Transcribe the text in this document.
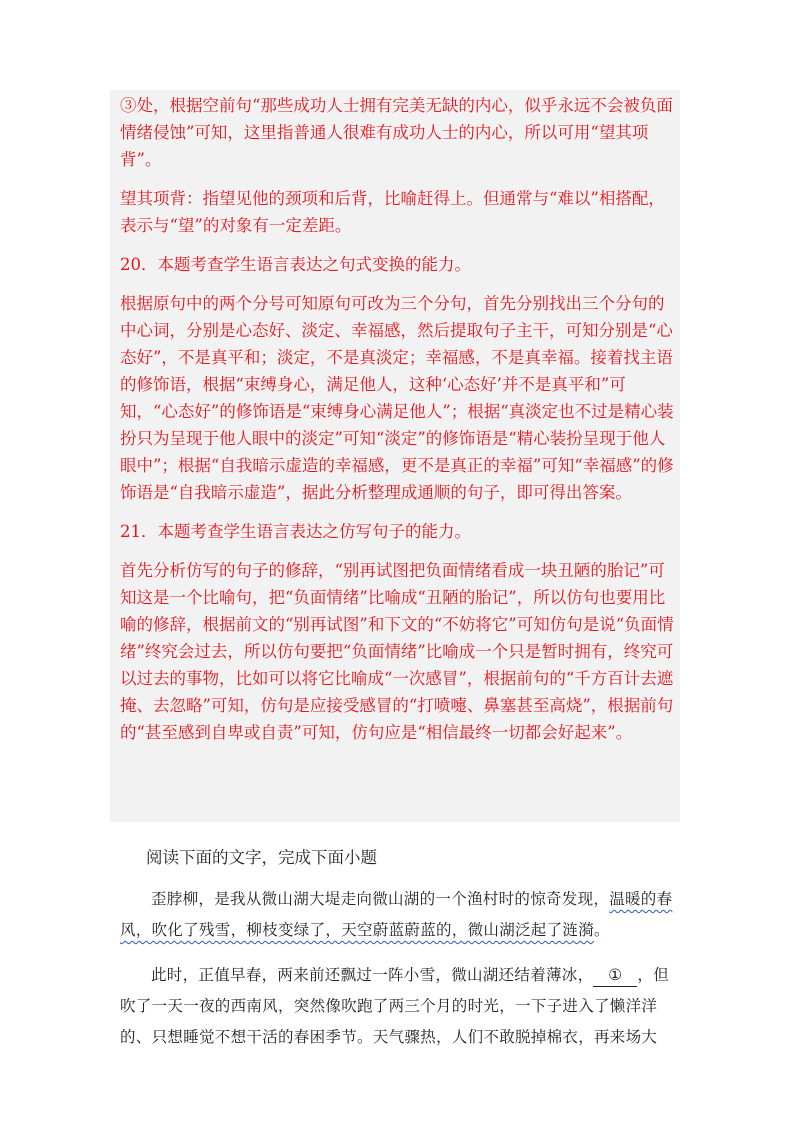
③处，根据空前句“那些成功人士拥有完美无缺的内心，似乎永远不会被负面情绪侵蚀”可知，这里指普通人很难有成功人士的内心，所以可用“望其项背”。

望其项背：指望见他的颈项和后背，比喻赶得上。但通常与“难以”相搭配，表示与“望”的对象有一定差距。

20．本题考查学生语言表达之句式变换的能力。

根据原句中的两个分号可知原句可改为三个分句，首先分别找出三个分句的中心词，分别是心态好、淡定、幸福感，然后提取句子主干，可知分别是“心态好”，不是真平和；淡定，不是真淡定；幸福感，不是真幸福。接着找主语的修饰语，根据“束缚身心，满足他人，这种‘心态好’并不是真平和”可知，“心态好”的修饰语是“束缚身心满足他人”；根据“真淡定也不过是精心装扮只为呈现于他人眼中的淡定”可知“淡定”的修饰语是“精心装扮呈现于他人眼中”；根据“自我暗示虚造的幸福感，更不是真正的幸福”可知“幸福感”的修饰语是“自我暗示虚造”，据此分析整理成通顺的句子，即可得出答案。

21．本题考查学生语言表达之仿写句子的能力。

首先分析仿写的句子的修辞，“别再试图把负面情绪看成一块丑陋的胎记”可知这是一个比喻句，把“负面情绪”比喻成“丑陋的胎记”，所以仿句也要用比喻的修辞，根据前文的“别再试图”和下文的“不妨将它”可知仿句是说“负面情绪”终究会过去，所以仿句要把“负面情绪”比喻成一个只是暂时拥有，终究可以过去的事物，比如可以将它比喻成“一次感冒”，根据前句的“千方百计去遮掩、去忽略”可知，仿句是应接受感冒的“打喷嚏、鼻塞甚至高烧”，根据前句的“甚至感到自卑或自责”可知，仿句应是“相信最终一切都会好起来”。

阅读下面的文字，完成下面小题

歪脖柳，是我从微山湖大堤走向微山湖的一个渔村时的惊奇发现，温暖的春风，吹化了残雪，柳枝变绿了，天空蔚蓝蔚蓝的，微山湖泛起了涟漪。

此时，正值早春，两来前还飘过一阵小雪，微山湖还结着薄冰， ① ，但吹了一天一夜的西南风，突然像吹跑了两三个月的时光，一下子进入了懒洋洋的、只想睡觉不想干活的春困季节。天气骤热，人们不敢脱掉棉衣，再来场大
